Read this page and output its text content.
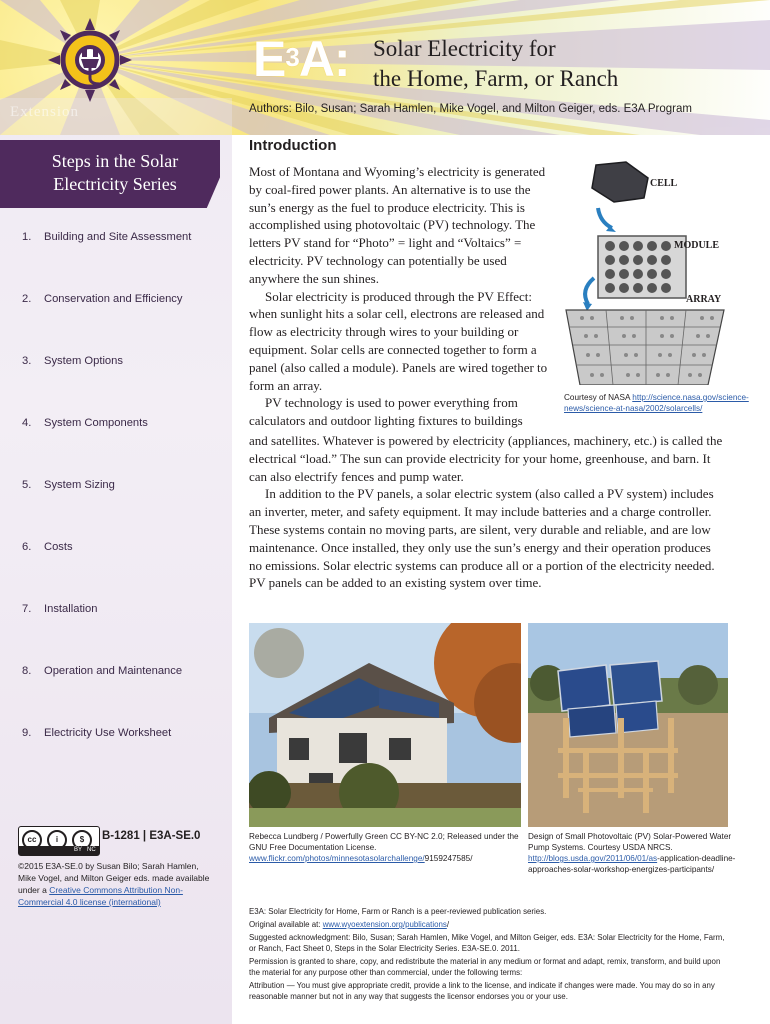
Extension
$E^3A$: Solar Electricity for
the Home, Farm, or Ranch
Authors: Bilo, Susan; Sarah Hamlen, Mike Vogel, and Milton Geiger, eds. E3A Program
Steps in the Solar
Electricity Series
1. Building and Site Assessment
2. Conservation and Efficiency
3. System Options
4. System Components
5. System Sizing
6. Costs
7. Installation
8. Operation and Maintenance
9. Electricity Use Worksheet
cc	i	$
BY NC
B-1281 | E3A-SE.0
©2015 E3A-SE.0 by Susan Bilo; Sarah Hamlen, Mike Vogel, and Milton Geiger eds. made available under a Creative Commons Attribution Non-Commercial 4.0 license (international)
Introduction

Most of Montana and Wyoming’s electricity is generated by coal-fired power plants. An alternative is to use the sun’s energy as the fuel to produce electricity. This is accomplished using photovoltaic (PV) technology. The letters PV stand for “Photo” = light and “Voltaics” = electricity. PV technology can potentially be used anywhere the sun shines.

Solar electricity is produced through the PV Effect: when sunlight hits a solar cell, electrons are released and flow as electricity through wires to your building or equipment. Solar cells are connected together to form a panel (also called a module). Panels are wired together to form an array.

PV technology is used to power everything from calculators and outdoor lighting fixtures to buildings

and satellites. Whatever is powered by electricity (appliances, machinery, etc.) is called the electrical “load.” The sun can provide electricity for your home, greenhouse, and barn. It can also electrify fences and pump water.

In addition to the PV panels, a solar electric system (also called a PV system) includes an inverter, meter, and safety equipment. It may include batteries and a charge controller. These systems contain no moving parts, are silent, very durable and reliable, and are low maintenance. Once installed, they only use the sun’s energy and their operation produces no emissions. Solar electric systems can produce all or a portion of the electricity needed. PV panels can be added to an existing system over time.

CELL
MODULE
ARRAY
Courtesy of NASA http://science.nasa.gov/science-news/science-at-nasa/2002/solarcells/
Rebecca Lundberg / Powerfully Green CC BY-NC 2.0; Released under the GNU Free Documentation License. www.flickr.com/photos/minnesotasolarchallenge/9159247585/
Design of Small Photovoltaic (PV) Solar-Powered Water Pump Systems. Courtesy USDA NRCS. http://blogs.usda.gov/2011/06/01/as-application-deadline-approaches-solar-workshop-energizes-participants/

E3A: Solar Electricity for Home, Farm or Ranch is a peer-reviewed publication series.

Original available at: www.wyoextension.org/publications/

Suggested acknowledgment: Bilo, Susan; Sarah Hamlen, Mike Vogel, and Milton Geiger, eds. E3A: Solar Electricity for the Home, Farm, or Ranch, Fact Sheet 0, Steps in the Solar Electricity Series. E3A-SE.0. 2011.

Permission is granted to share, copy, and redistribute the material in any medium or format and adapt, remix, transform, and build upon the material for any purpose other than commercial, under the following terms:

Attribution — You must give appropriate credit, provide a link to the license, and indicate if changes were made. You may do so in any reasonable manner but not in any way that suggests the licensor endorses you or your use.
